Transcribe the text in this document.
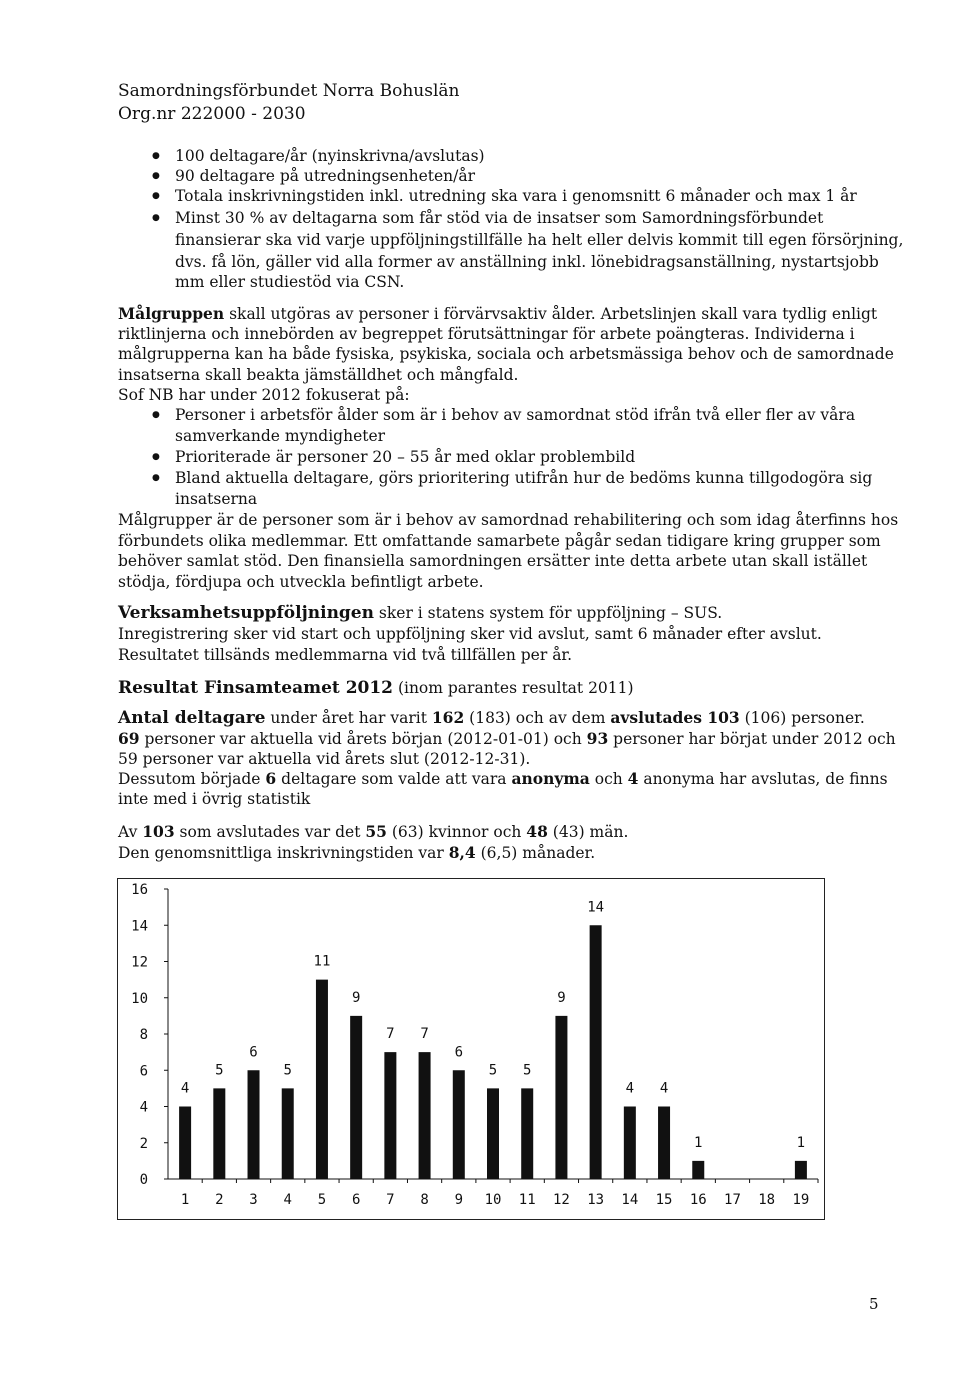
Samordningsförbundet Norra Bohuslän
Org.nr 222000 - 2030
● 100 deltagare/år (nyinskrivna/avslutas)
● 90 deltagare på utredningsenheten/år
● Totala inskrivningstiden inkl. utredning ska vara i genomsnitt 6 månader och max 1 år
● Minst 30 % av deltagarna som får stöd via de insatser som Samordningsförbundet
finansierar ska vid varje uppföljningstillfälle ha helt eller delvis kommit till egen försörjning,
dvs. få lön, gäller vid alla former av anställning inkl. lönebidragsanställning, nystartsjobb
mm eller studiestöd via CSN.
Målgruppen skall utgöras av personer i förvärvsaktiv ålder. Arbetslinjen skall vara tydlig enligt
riktlinjerna och innebörden av begreppet förutsättningar för arbete poängteras. Individerna i
målgrupperna kan ha både fysiska, psykiska, sociala och arbetsmässiga behov och de samordnade
insatserna skall beakta jämställdhet och mångfald.
Sof NB har under 2012 fokuserat på:
● Personer i arbetsför ålder som är i behov av samordnat stöd ifrån två eller fler av våra
samverkande myndigheter
● Prioriterade är personer 20 – 55 år med oklar problembild
● Bland aktuella deltagare, görs prioritering utifrån hur de bedöms kunna tillgodogöra sig
insatserna
Målgrupper är de personer som är i behov av samordnad rehabilitering och som idag återfinns hos
förbundets olika medlemmar. Ett omfattande samarbete pågår sedan tidigare kring grupper som
behöver samlat stöd. Den finansiella samordningen ersätter inte detta arbete utan skall istället
stödja, fördjupa och utveckla befintligt arbete.
Verksamhetsuppföljningen sker i statens system för uppföljning – SUS.
Inregistrering sker vid start och uppföljning sker vid avslut, samt 6 månader efter avslut.
Resultatet tillsänds medlemmarna vid två tillfällen per år.
Resultat Finsamteamet 2012 (inom parantes resultat 2011)
Antal deltagare under året har varit 162 (183) och av dem avslutades 103 (106) personer.
69 personer var aktuella vid årets början (2012-01-01) och 93 personer har börjat under 2012 och
59 personer var aktuella vid årets slut (2012-12-31).
Dessutom började 6 deltagare som valde att vara anonyma och 4 anonyma har avslutas, de finns
inte med i övrig statistik
Av 103 som avslutades var det 55 (63) kvinnor och 48 (43) män.
Den genomsnittliga inskrivningstiden var 8,4 (6,5) månader.
0
2
4
6
8
10
12
14
16
1
4
2
5
3
6
4
5
5
11
6
9
7
7
8
7
9
6
10
5
11
5
12
9
13
14
14
4
15
4
16
1
17 18 19
1
5
